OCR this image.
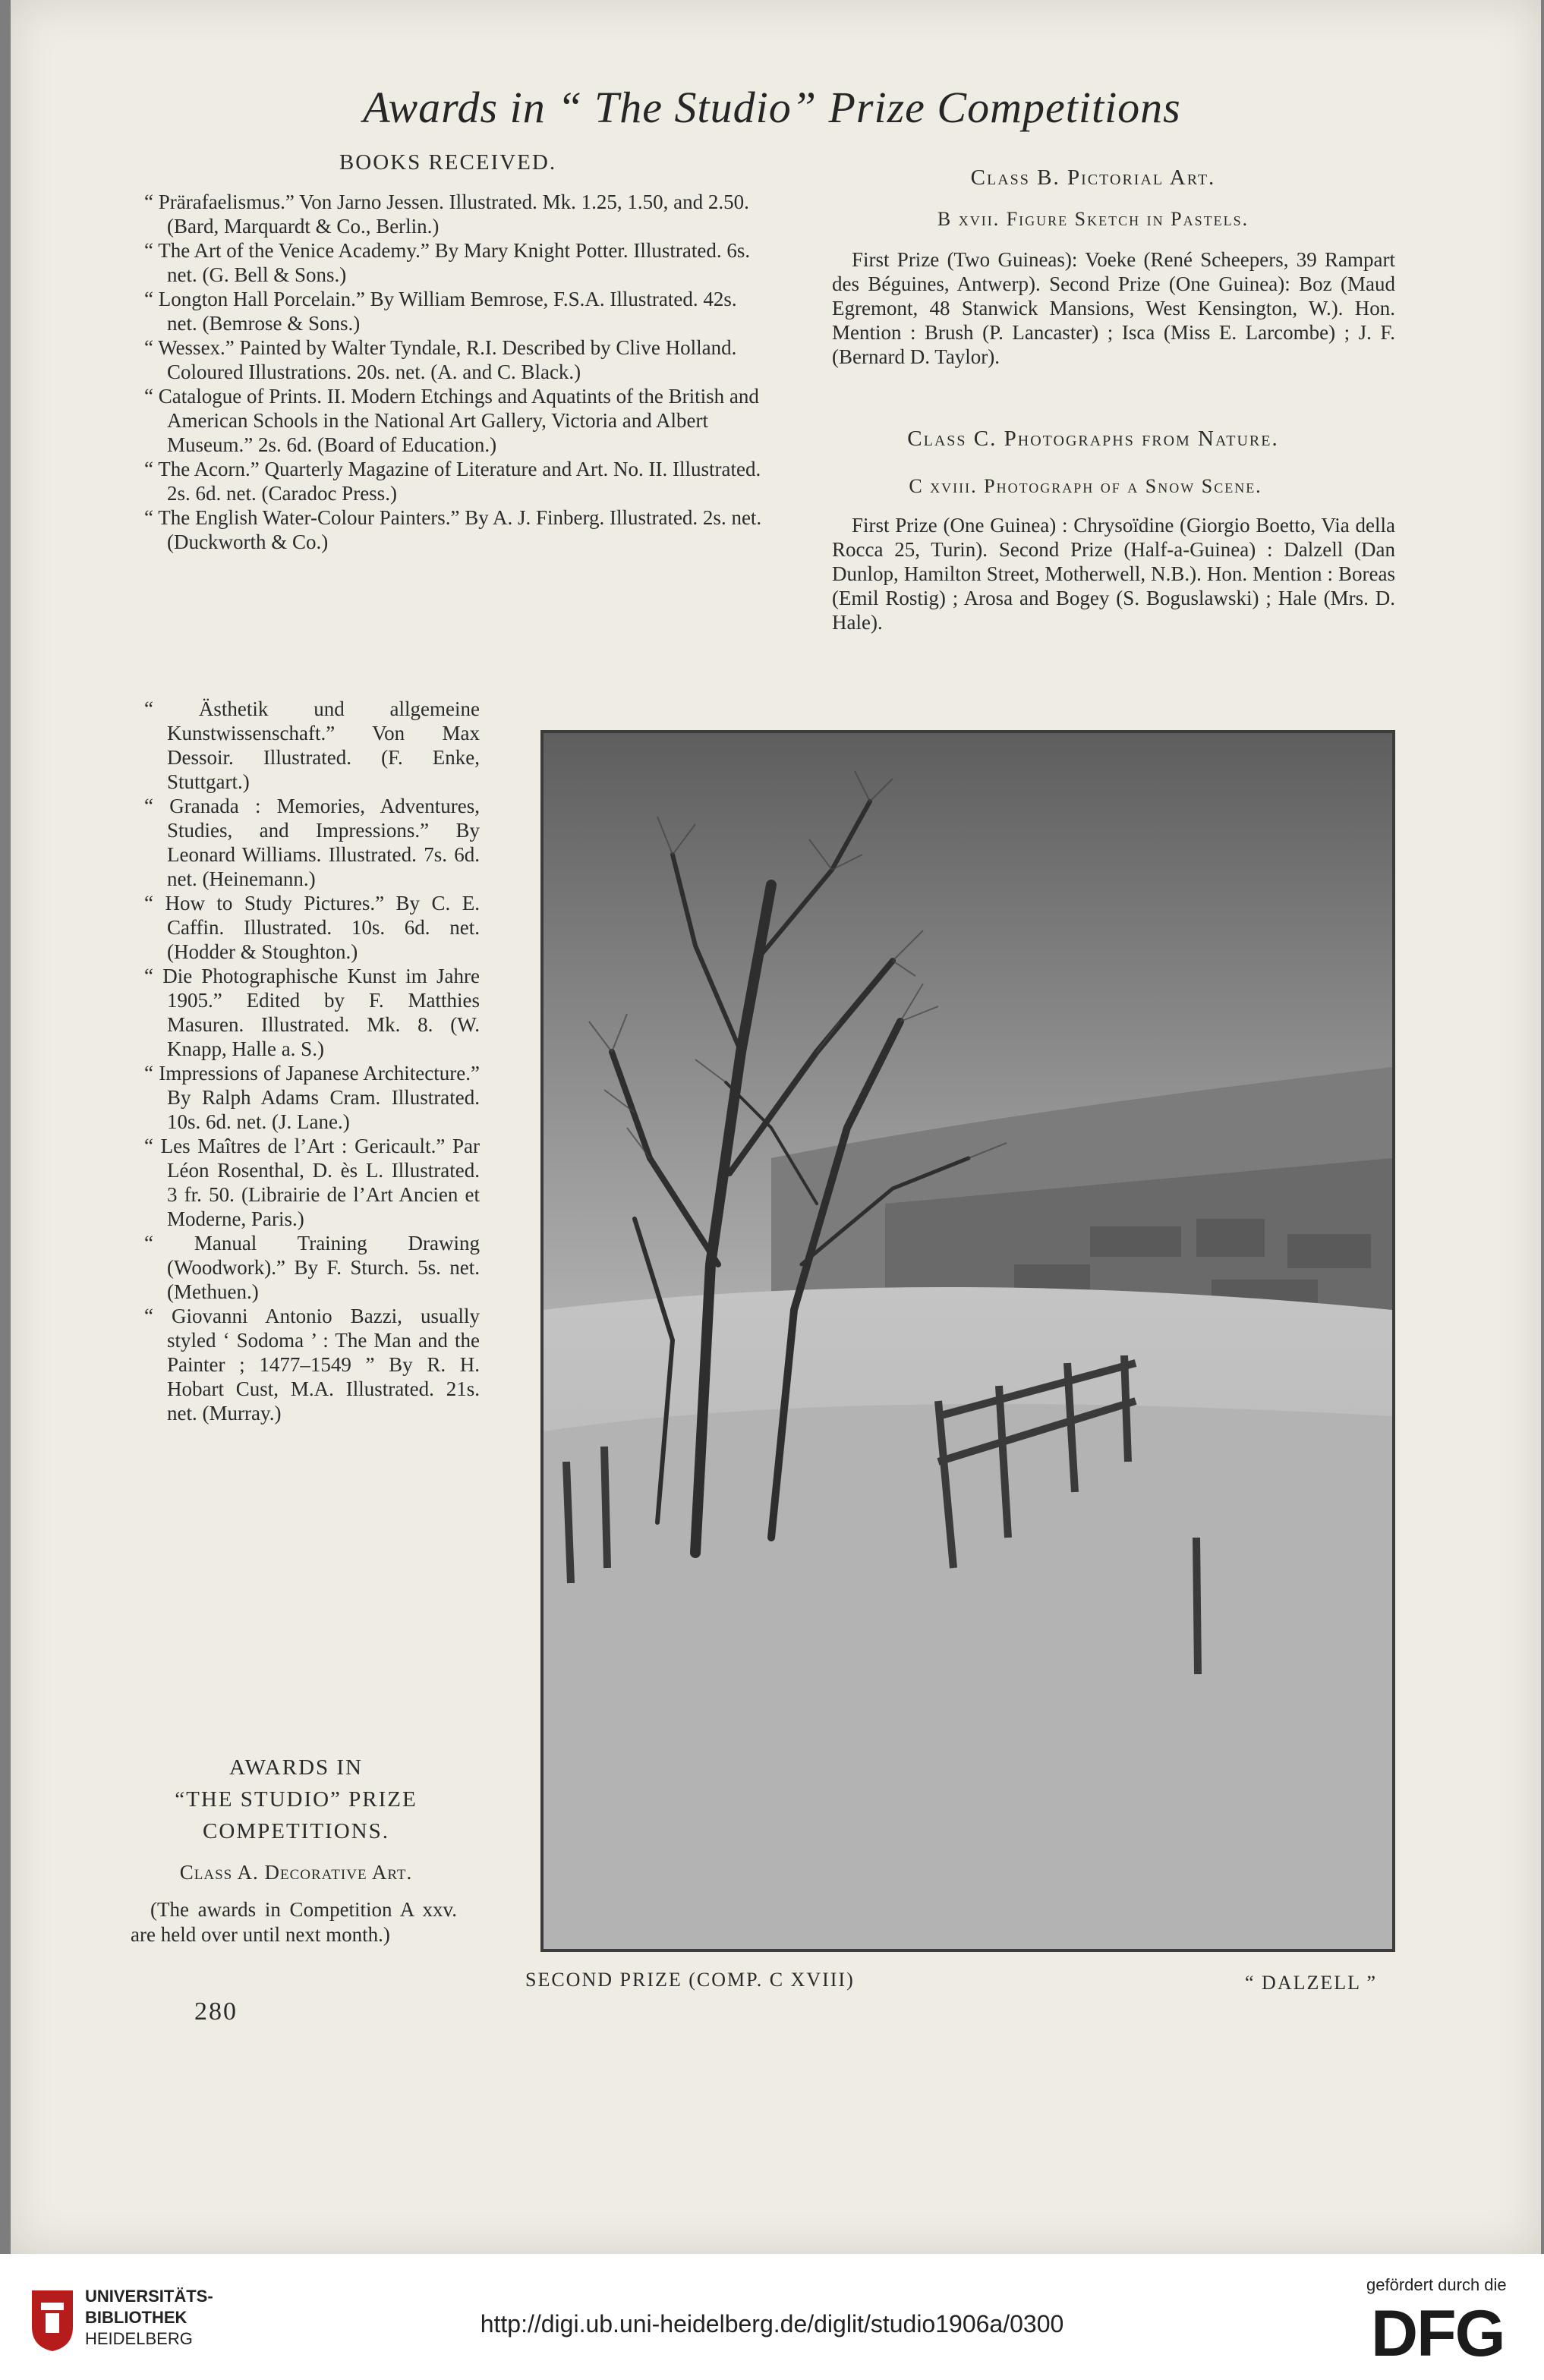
Awards in “ The Studio” Prize Competitions
BOOKS RECEIVED.

“ Prärafaelismus.” Von Jarno Jessen. Illustrated. Mk. 1.25, 1.50, and 2.50. (Bard, Marquardt & Co., Berlin.)

“ The Art of the Venice Academy.” By Mary Knight Potter. Illustrated. 6s. net. (G. Bell & Sons.)

“ Longton Hall Porcelain.” By William Bemrose, F.S.A. Illustrated. 42s. net. (Bemrose & Sons.)

“ Wessex.” Painted by Walter Tyndale, R.I. Described by Clive Holland. Coloured Illustrations. 20s. net. (A. and C. Black.)

“ Catalogue of Prints. II. Modern Etchings and Aquatints of the British and American Schools in the National Art Gallery, Victoria and Albert Museum.” 2s. 6d. (Board of Education.)

“ The Acorn.” Quarterly Magazine of Literature and Art. No. II. Illustrated. 2s. 6d. net. (Caradoc Press.)

“ The English Water-Colour Painters.” By A. J. Finberg. Illustrated. 2s. net. (Duckworth & Co.)

“ Ästhetik und allgemeine Kunstwissenschaft.” Von Max Dessoir. Illustrated. (F. Enke, Stuttgart.)

“ Granada : Memories, Adventures, Studies, and Impressions.” By Leonard Williams. Illustrated. 7s. 6d. net. (Heinemann.)

“ How to Study Pictures.” By C. E. Caffin. Illustrated. 10s. 6d. net. (Hodder & Stoughton.)

“ Die Photographische Kunst im Jahre 1905.” Edited by F. Matthies Masuren. Illustrated. Mk. 8. (W. Knapp, Halle a. S.)

“ Impressions of Japanese Architecture.” By Ralph Adams Cram. Illustrated. 10s. 6d. net. (J. Lane.)

“ Les Maîtres de l’Art : Gericault.” Par Léon Rosenthal, D. ès L. Illustrated. 3 fr. 50. (Librairie de l’Art Ancien et Moderne, Paris.)

“ Manual Training Drawing (Woodwork).” By F. Sturch. 5s. net. (Methuen.)

“ Giovanni Antonio Bazzi, usually styled ‘ Sodoma ’ : The Man and the Painter ; 1477–1549 ” By R. H. Hobart Cust, M.A. Illustrated. 21s. net. (Murray.)

AWARDS IN
“THE STUDIO” PRIZE
COMPETITIONS.
Class A. Decorative Art.
(The awards in Competition A xxv. are held over until next month.)
Class B. Pictorial Art.
B xvii. Figure Sketch in Pastels.

First Prize (Two Guineas): Voeke (René Scheepers, 39 Rampart des Béguines, Antwerp). Second Prize (One Guinea): Boz (Maud Egremont, 48 Stanwick Mansions, West Kensington, W.). Hon. Mention : Brush (P. Lancaster) ; Isca (Miss E. Larcombe) ; J. F. (Bernard D. Taylor).

Class C. Photographs from Nature.
C xviii. Photograph of a Snow Scene.

First Prize (One Guinea) : Chrysoïdine (Giorgio Boetto, Via della Rocca 25, Turin). Second Prize (Half-a-Guinea) : Dalzell (Dan Dunlop, Hamilton Street, Motherwell, N.B.). Hon. Mention : Boreas (Emil Rostig) ; Arosa and Bogey (S. Boguslawski) ; Hale (Mrs. D. Hale).

SECOND PRIZE (COMP. C XVIII)	“ DALZELL ”
280
UNIVERSITÄTS-
BIBLIOTHEK
HEIDELBERG
http://digi.ub.uni-heidelberg.de/diglit/studio1906a/0300
gefördert durch die
DFG
